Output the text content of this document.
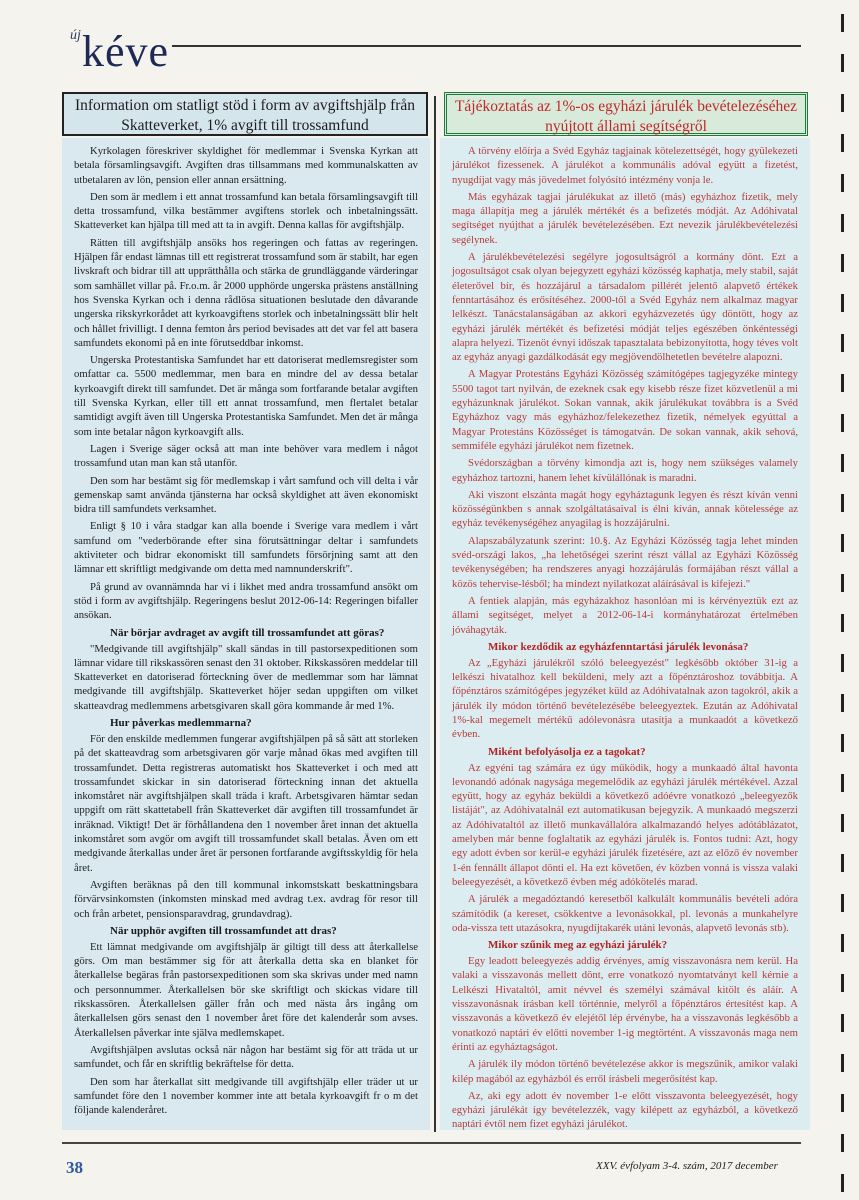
új kéve
Information om statligt stöd i form av avgiftshjälp från Skatteverket, 1% avgift till trossamfund
Tájékoztatás az 1%-os egyházi járulék bevételezéséhez nyújtott állami segítségről

Kyrkolagen föreskriver skyldighet för medlemmar i Svenska Kyrkan att betala församlingsavgift. Avgiften dras tillsammans med kommunalskatten av utbetalaren av lön, pension eller annan ersättning.

Den som är medlem i ett annat trossamfund kan betala församlingsavgift till detta trossamfund, vilka bestämmer avgiftens storlek och inbetalningssätt. Skatteverket kan hjälpa till med att ta in avgift. Denna kallas för avgiftshjälp.

Rätten till avgiftshjälp ansöks hos regeringen och fattas av regeringen. Hjälpen får endast lämnas till ett registrerat trossamfund som är stabilt, har egen livskraft och bidrar till att upprätthålla och stärka de grundläggande värderingar som samhället villar på. Fr.o.m. år 2000 upphörde ungerska prästens anställning hos Svenska Kyrkan och i denna rådlösa situationen beslutade den dåvarande ungerska rikskyrkorådet att kyrkoavgiftens storlek och inbetalningssätt blir helt och hållet frivilligt. I denna femton års period bevisades att det var fel att basera samfundets ekonomi på en inte förutseddbar inkomst.

Ungerska Protestantiska Samfundet har ett datoriserat medlemsregister som omfattar ca. 5500 medlemmar, men bara en mindre del av dessa betalar kyrkoavgift direkt till samfundet. Det är många som fortfarande betalar avgiften till Svenska Kyrkan, eller till ett annat trossamfund, men flertalet betalar samtidigt avgift även till Ungerska Protestantiska Samfundet. Men det är många som inte betalar någon kyrkoavgift alls.

Lagen i Sverige säger också att man inte behöver vara medlem i något trossamfund utan man kan stå utanför.

Den som har bestämt sig för medlemskap i vårt samfund och vill delta i vår gemenskap samt använda tjänsterna har också skyldighet att även ekonomiskt bidra till samfundets verksamhet.

Enligt § 10 i våra stadgar kan alla boende i Sverige vara medlem i vårt samfund om "vederbörande efter sina förutsättningar deltar i samfundets aktiviteter och bidrar ekonomiskt till samfundets försörjning samt att den lämnar ett skriftligt medgivande om detta med namnunderskrift".

På grund av ovannämnda har vi i likhet med andra trossamfund ansökt om stöd i form av avgiftshjälp. Regeringens beslut 2012-06-14: Regeringen bifaller ansökan.

När börjar avdraget av avgift till trossamfundet att göras?

"Medgivande till avgiftshjälp" skall sändas in till pastorsexpeditionen som lämnar vidare till rikskassören senast den 31 oktober. Rikskassören meddelar till Skatteverket en datoriserad förteckning över de medlemmar som har lämnat medgivande till avgiftshjälp. Skatteverket höjer sedan uppgiften om vilket skatteavdrag medlemmens arbetsgivaren skall göra kommande år med 1%.

Hur påverkas medlemmarna?

För den enskilde medlemmen fungerar avgiftshjälpen på så sätt att storleken på det skatteavdrag som arbetsgivaren gör varje månad ökas med avgiften till trossamfundet. Detta registreras automatiskt hos Skatteverket i och med att trossamfundet skickar in sin datoriserad förteckning innan det aktuella inkomståret när avgiftshjälpen skall träda i kraft. Arbetsgivaren hämtar sedan uppgift om rätt skattetabell från Skatteverket där avgiften till trossamfundet är inräknad. Viktigt! Det är förhållandena den 1 november året innan det aktuella inkomståret som avgör om avgift till trossamfundet skall betalas. Även om ett medgivande återkallas under året är personen fortfarande avgiftsskyldig för hela året.

Avgiften beräknas på den till kommunal inkomstskatt beskattningsbara förvärvsinkomsten (inkomsten minskad med avdrag t.ex. avdrag för resor till och från arbetet, pensionsparavdrag, grundavdrag).

När upphör avgiften till trossamfundet att dras?

Ett lämnat medgivande om avgiftshjälp är giltigt till dess att återkallelse görs. Om man bestämmer sig för att återkalla detta ska en blanket för återkallelse begäras från pastorsexpeditionen som ska skrivas under med namn och personnummer. Återkallelsen bör ske skriftligt och skickas vidare till rikskassören. Återkallelsen gäller från och med nästa års ingång om återkallelsen görs senast den 1 november året före det kalenderår som avses. Återkallelsen påverkar inte själva medlemskapet.

Avgiftshjälpen avslutas också när någon har bestämt sig för att träda ut ur samfundet, och får en skriftlig bekräftelse för detta.

Den som har återkallat sitt medgivande till avgiftshjälp eller träder ut ur samfundet före den 1 november kommer inte att betala kyrkoavgift fr o m det följande kalenderåret.

A törvény előírja a Svéd Egyház tagjainak kötelezettségét, hogy gyülekezeti járulékot fizessenek. A járulékot a kommunális adóval együtt a fizetést, nyugdíjat vagy más jövedelmet folyósító intézmény vonja le.

Más egyházak tagjai járulékukat az illető (más) egyházhoz fizetik, mely maga állapítja meg a járulék mértékét és a befizetés módját. Az Adóhivatal segítséget nyújthat a járulék bevételezésében. Ezt nevezik járulékbevételezési segélynek.

A járulékbevételezési segélyre jogosultságról a kormány dönt. Ezt a jogosultságot csak olyan bejegyzett egyházi közösség kaphatja, mely stabil, saját életerővel bír, és hozzájárul a társadalom pillérét jelentő alapvető értékek fenntartásához és erősítéséhez. 2000-től a Svéd Egyház nem alkalmaz magyar lelkészt. Tanácstalanságában az akkori egyházvezetés úgy döntött, hogy az egyházi járulék mértékét és befizetési módját teljes egészében önkéntességi alapra helyezi. Tizenöt évnyi időszak tapasztalata bebizonyította, hogy téves volt az egyház anyagi gazdálkodását egy megjövendölhetetlen bevételre alapozni.

A Magyar Protestáns Egyházi Közösség számítógépes tagjegyzéke mintegy 5500 tagot tart nyilván, de ezeknek csak egy kisebb része fizet közvetlenül a mi egyházunknak járulékot. Sokan vannak, akik járulékukat továbbra is a Svéd Egyházhoz vagy más egyházhoz/felekezethez fizetik, némelyek egyúttal a Magyar Protestáns Közösséget is támogatván. De sokan vannak, akik sehová, semmiféle egyházi járulékot nem fizetnek.

Svédországban a törvény kimondja azt is, hogy nem szükséges valamely egyházhoz tartozni, hanem lehet kívülállónak is maradni.

Aki viszont elszánta magát hogy egyháztagunk legyen és részt kíván venni közösségünkben s annak szolgáltatásaival is élni kíván, annak kötelessége az egyház tevékenységéhez anyagilag is hozzájárulni.

Alapszabályzatunk szerint: 10.§. Az Egyházi Közösség tagja lehet minden svéd-országi lakos, „ha lehetőségei szerint részt vállal az Egyházi Közösség tevékenységében; ha rendszeres anyagi hozzájárulás formájában részt vállal a közös tehervise-lésből; ha mindezt nyilatkozat aláírásával is kifejezi."

A fentiek alapján, más egyházakhoz hasonlóan mi is kérvényeztük ezt az állami segítséget, melyet a 2012-06-14-i kormányhatározat értelmében jóváhagyták.

Mikor kezdődik az egyházfenntartási járulék levonása?

Az „Egyházi járulékről szóló beleegyezést" legkésőbb október 31-ig a lelkészi hivatalhoz kell beküldeni, mely azt a főpénztároshoz továbbítja. A főpénztáros számítógépes jegyzéket küld az Adóhivatalnak azon tagokról, akik a járulék ily módon történő bevételezésébe beleegyeztek. Ezután az Adóhivatal 1%-kal megemelt mértékű adólevonásra utasítja a munkaadót a következő évben.

Miként befolyásolja ez a tagokat?

Az egyéni tag számára ez úgy működik, hogy a munkaadó által havonta levonandó adónak nagysága megemelődik az egyházi járulék mértékével. Azzal együtt, hogy az egyház beküldi a következő adóévre vonatkozó „beleegyezők listáját", az Adóhivatalnál ezt automatikusan bejegyzik. A munkaadó megszerzi az Adóhivataltól az illető munkavállalóra alkalmazandó helyes adótáblázatot, amelyben már benne foglaltatik az egyházi járulék is. Fontos tudni: Azt, hogy egy adott évben sor kerül-e egyházi járulék fizetésére, azt az előző év november 1-én fennállt állapot dönti el. Ha ezt követően, év közben vonná is vissza valaki beleegyezését, a következő évben még adókötelés marad.

A járulék a megadóztandó keresetből kalkulált kommunális bevételi adóra számítódik (a kereset, csökkentve a levonásokkal, pl. levonás a munkahelyre oda-vissza tett utazásokra, nyugdíjtakarék utáni levonás, alapvető levonás stb).

Mikor szűnik meg az egyházi járulék?

Egy leadott beleegyezés addig érvényes, amíg visszavonásra nem kerül. Ha valaki a visszavonás mellett dönt, erre vonatkozó nyomtatványt kell kérnie a Lelkészi Hivataltól, amit névvel és személyi számával kitölt és aláír. A visszavonásnak írásban kell történnie, melyről a főpénztáros értesítést kap. A visszavonás a következő év elejétől lép érvénybe, ha a visszavonás legkésőbb a vonatkozó naptári év előtti november 1-ig megtörtént. A visszavonás maga nem érinti az egyháztagságot.

A járulék ily módon történő bevételezése akkor is megszűnik, amikor valaki kilép magából az egyházból és erről írásbeli megerősítést kap.

Az, aki egy adott év november 1-e előtt visszavonta beleegyezését, hogy egyházi járulékát így bevételezzék, vagy kilépett az egyházból, a következő naptári évtől nem fizet egyházi járulékot.

38	XXV. évfolyam 3-4. szám, 2017 december
